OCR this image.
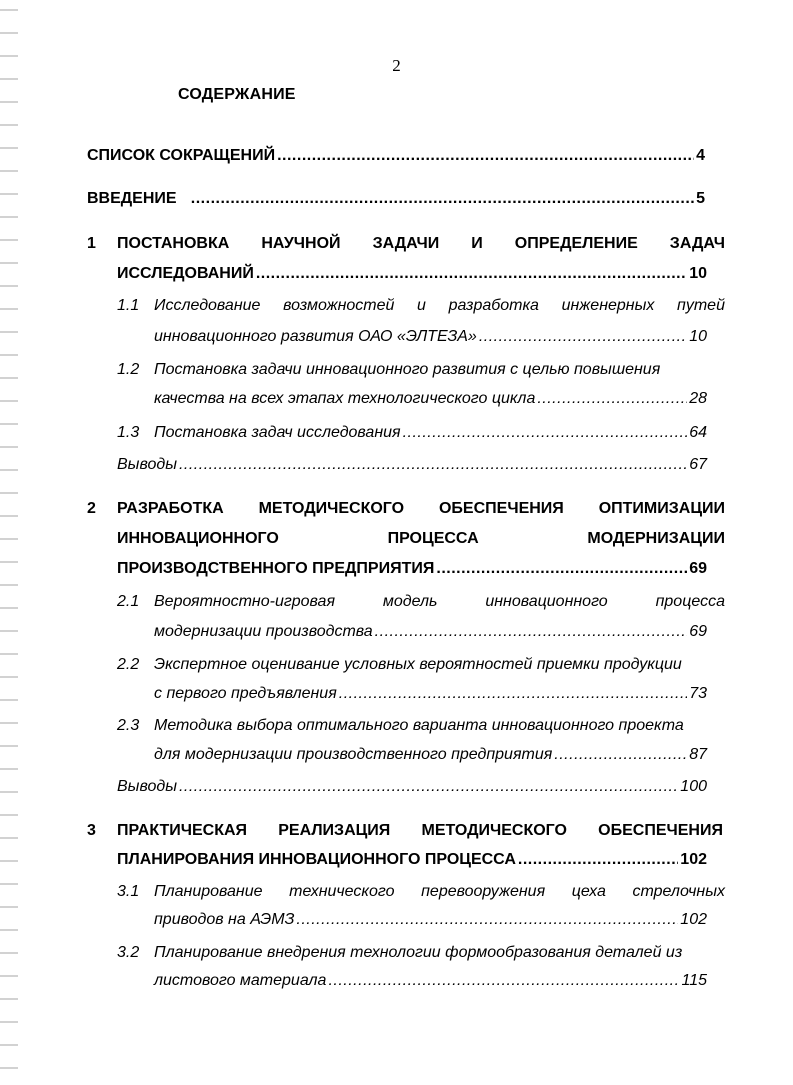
2
СОДЕРЖАНИЕ
СПИСОК СОКРАЩЕНИЙ .....	4
ВВЕДЕНИЕ .....	5
1 ПОСТАНОВКА НАУЧНОЙ ЗАДАЧИ И ОПРЕДЕЛЕНИЕ ЗАДАЧ
ИССЛЕДОВАНИЙ .....	10
1.1 Исследование возможностей и разработка инженерных путей
инновационного развития ОАО «ЭЛТЕЗА» .....	10
1.2 Постановка задачи инновационного развития с целью повышения
качества на всех этапах технологического цикла .....	28
1.3 Постановка задач исследования .....	64
Выводы .....	67
2 РАЗРАБОТКА МЕТОДИЧЕСКОГО ОБЕСПЕЧЕНИЯ ОПТИМИЗАЦИИ
ИННОВАЦИОННОГО	ПРОЦЕССА	МОДЕРНИЗАЦИИ
ПРОИЗВОДСТВЕННОГО ПРЕДПРИЯТИЯ .....	69
2.1 Вероятностно-игровая	модель	инновационного	процесса
модернизации производства .....	69
2.2 Экспертное оценивание условных вероятностей приемки продукции
с первого предъявления .....	73
2.3 Методика выбора оптимального варианта инновационного проекта
для модернизации производственного предприятия .....	87
Выводы .....	100
3 ПРАКТИЧЕСКАЯ РЕАЛИЗАЦИЯ МЕТОДИЧЕСКОГО ОБЕСПЕЧЕНИЯ
ПЛАНИРОВАНИЯ ИННОВАЦИОННОГО ПРОЦЕССА .....	102
3.1 Планирование технического перевооружения цеха стрелочных
приводов на АЭМЗ .....	102
3.2 Планирование внедрения технологии формообразования деталей из
листового материала .....	115
